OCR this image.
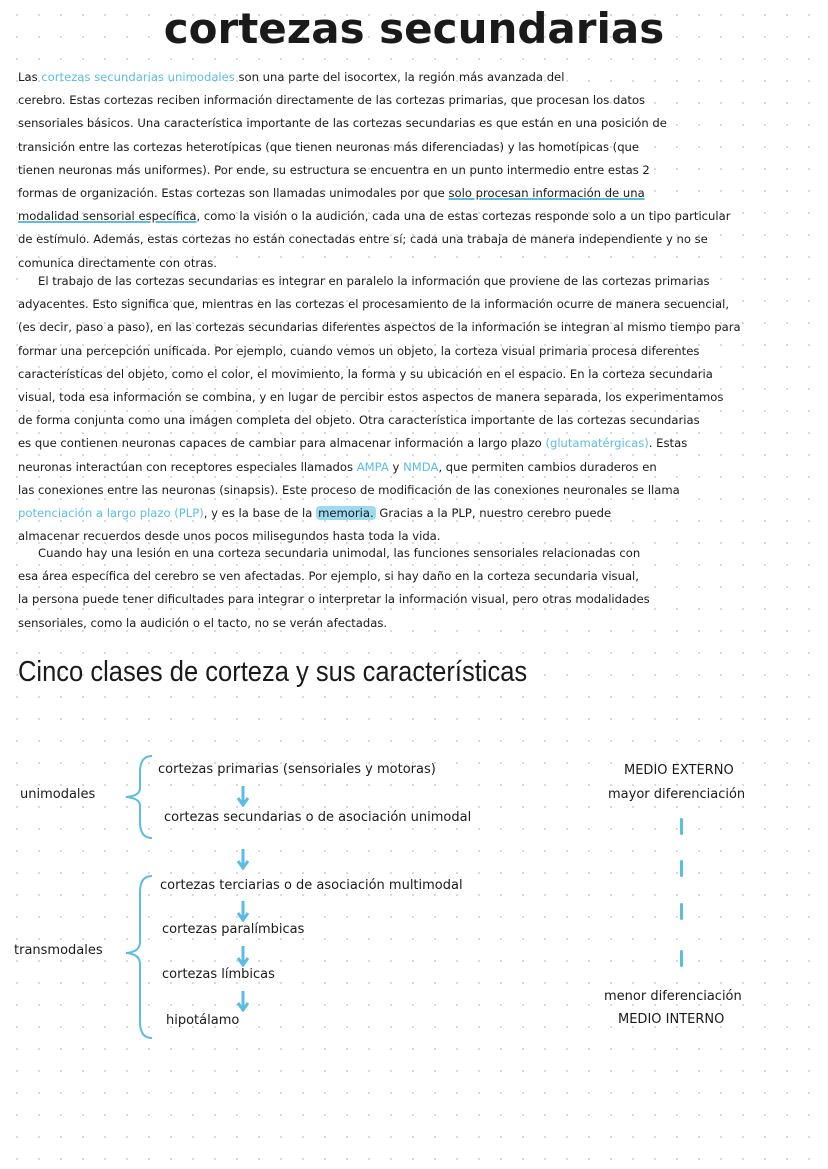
cortezas secundarias
Las cortezas secundarias unimodales son una parte del isocortex, la región más avanzada del
cerebro. Estas cortezas reciben información directamente de las cortezas primarias, que procesan los datos
sensoriales básicos. Una característica importante de las cortezas secundarias es que están en una posición de
transición entre las cortezas heterotípicas (que tienen neuronas más diferenciadas) y las homotípicas (que
tienen neuronas más uniformes). Por ende, su estructura se encuentra en un punto intermedio entre estas 2
formas de organización. Estas cortezas son llamadas unimodales por que solo procesan información de una
modalidad sensorial específica, como la visión o la audición, cada una de estas cortezas responde solo a un tipo particular
de estímulo. Además, estas cortezas no están conectadas entre sí; cada una trabaja de manera independiente y no se
comunica directamente con otras.
El trabajo de las cortezas secundarias es integrar en paralelo la información que proviene de las cortezas primarias
adyacentes. Esto significa que, mientras en las cortezas el procesamiento de la información ocurre de manera secuencial,
(es decir, paso a paso), en las cortezas secundarias diferentes aspectos de la información se integran al mismo tiempo para
formar una percepción unificada. Por ejemplo, cuando vemos un objeto, la corteza visual primaria procesa diferentes
características del objeto, como el color, el movimiento, la forma y su ubicación en el espacio. En la corteza secundaria
visual, toda esa información se combina, y en lugar de percibir estos aspectos de manera separada, los experimentamos
de forma conjunta como una imágen completa del objeto. Otra característica importante de las cortezas secundarias
es que contienen neuronas capaces de cambiar para almacenar información a largo plazo (glutamatérgicas). Estas
neuronas interactúan con receptores especiales llamados AMPA y NMDA, que permiten cambios duraderos en
las conexiones entre las neuronas (sinapsis). Este proceso de modificación de las conexiones neuronales se llama
potenciación a largo plazo (PLP), y es la base de la memoria. Gracias a la PLP, nuestro cerebro puede
almacenar recuerdos desde unos pocos milisegundos hasta toda la vida.
Cuando hay una lesión en una corteza secundaria unimodal, las funciones sensoriales relacionadas con
esa área específica del cerebro se ven afectadas. Por ejemplo, si hay daño en la corteza secundaria visual,
la persona puede tener dificultades para integrar o interpretar la información visual, pero otras modalidades
sensoriales, como la audición o el tacto, no se verán afectadas.
Cinco clases de corteza y sus características
unimodales
transmodales
cortezas primarias (sensoriales y motoras)
cortezas secundarias o de asociación unimodal
cortezas terciarias o de asociación multimodal
cortezas paralímbicas
cortezas límbicas
hipotálamo
MEDIO EXTERNO
mayor diferenciación
menor diferenciación
MEDIO INTERNO
